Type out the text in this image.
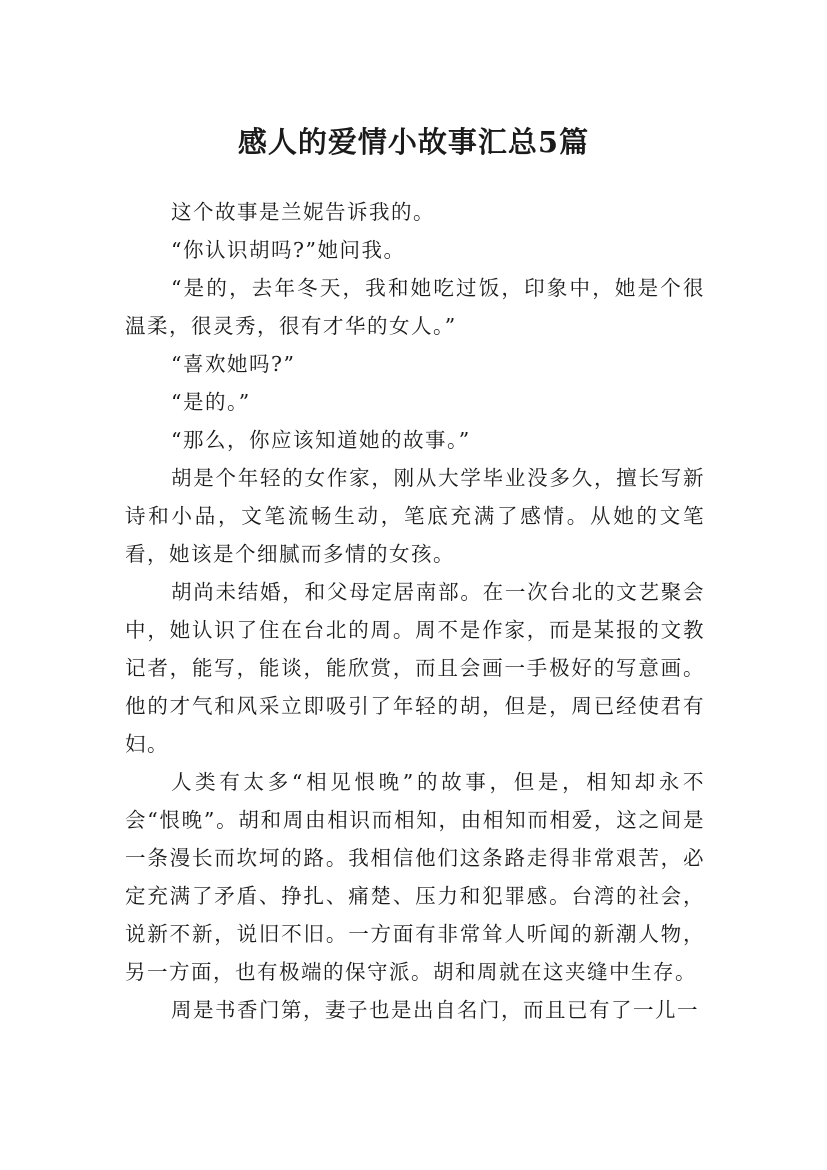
感人的爱情小故事汇总5篇

这个故事是兰妮告诉我的。

“你认识胡吗?”她问我。

“是的，去年冬天，我和她吃过饭，印象中，她是个很温柔，很灵秀，很有才华的女人。”

“喜欢她吗?”

“是的。”

“那么，你应该知道她的故事。”

胡是个年轻的女作家，刚从大学毕业没多久，擅长写新诗和小品，文笔流畅生动，笔底充满了感情。从她的文笔看，她该是个细腻而多情的女孩。

胡尚未结婚，和父母定居南部。在一次台北的文艺聚会中，她认识了住在台北的周。周不是作家，而是某报的文教记者，能写，能谈，能欣赏，而且会画一手极好的写意画。他的才气和风采立即吸引了年轻的胡，但是，周已经使君有妇。

人类有太多“相见恨晚”的故事，但是，相知却永不会“恨晚”。胡和周由相识而相知，由相知而相爱，这之间是一条漫长而坎坷的路。我相信他们这条路走得非常艰苦，必定充满了矛盾、挣扎、痛楚、压力和犯罪感。台湾的社会，说新不新，说旧不旧。一方面有非常耸人听闻的新潮人物，另一方面，也有极端的保守派。胡和周就在这夹缝中生存。

周是书香门第，妻子也是出自名门，而且已有了一儿一
